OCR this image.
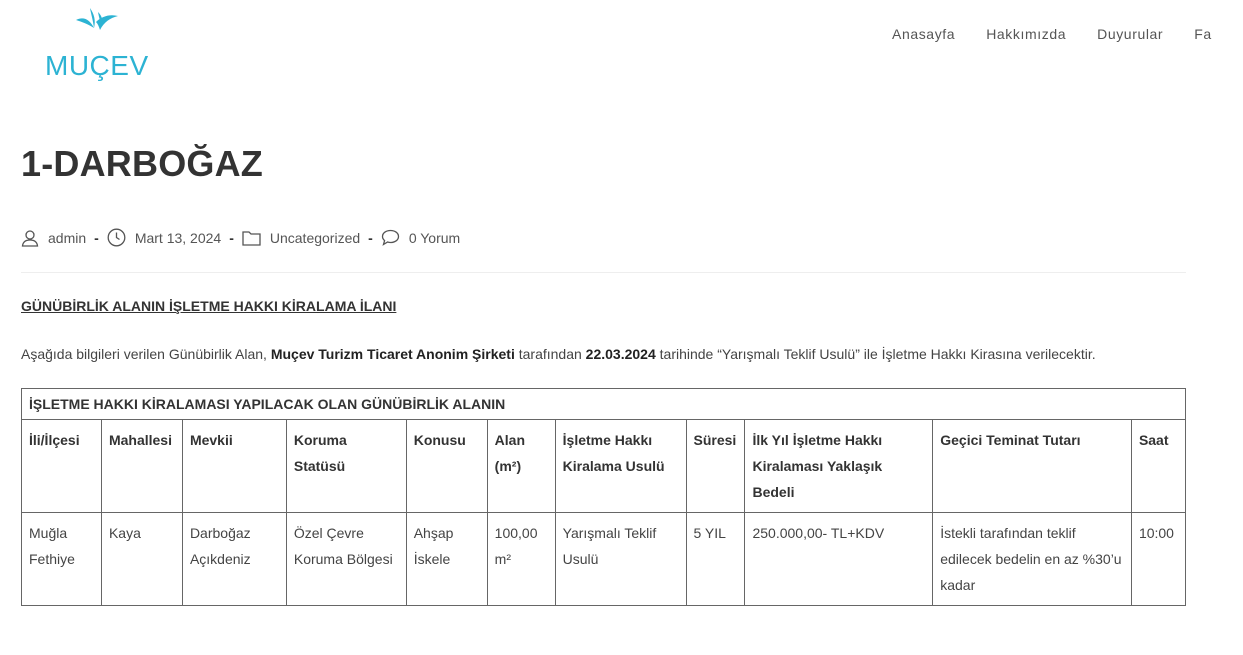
MUÇEV
Anasayfa Hakkımızda Duyurular Fa
1-DARBOĞAZ
admin -	Mart 13, 2024 -	Uncategorized -	0 Yorum

GÜNÜBİRLİK ALANIN İŞLETME HAKKI KİRALAMA İLANI

Aşağıda bilgileri verilen Günübirlik Alan, Muçev Turizm Ticaret Anonim Şirketi tarafından 22.03.2024 tarihinde “Yarışmalı Teklif Usulü” ile İşletme Hakkı Kirasına verilecektir.

İŞLETME HAKKI KİRALAMASI YAPILACAK OLAN GÜNÜBİRLİK ALANIN										
İli/İlçesi	Mahallesi	Mevkii	Koruma Statüsü	Konusu	Alan (m²)	İşletme Hakkı Kiralama Usulü	Süresi	İlk Yıl İşletme Hakkı Kiralaması Yaklaşık Bedeli	Geçici Teminat Tutarı	Saat
Muğla Fethiye	Kaya	Darboğaz Açıkdeniz	Özel Çevre Koruma Bölgesi	Ahşap İskele	100,00 m²	Yarışmalı Teklif Usulü	5 YIL	250.000,00- TL+KDV	İstekli tarafından teklif edilecek bedelin en az %30’u kadar	10:00
